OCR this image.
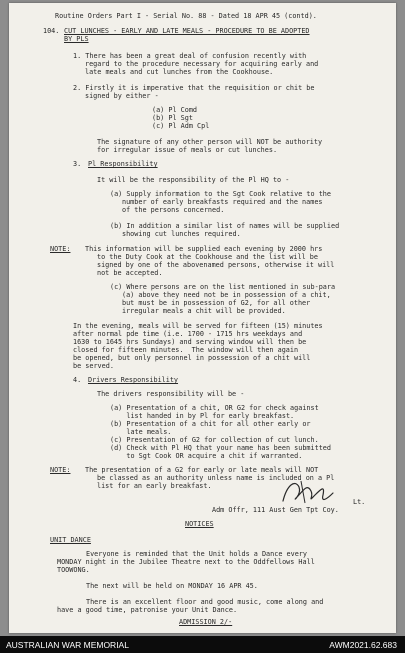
Routine Orders Part I - Serial No. 88 - Dated 18 APR 45 (contd).
104. CUT LUNCHES - EARLY AND LATE MEALS - PROCEDURE TO BE ADOPTED
BY PLS
1. There has been a great deal of confusion recently with
regard to the procedure necessary for acquiring early and
late meals and cut lunches from the Cookhouse.
2. Firstly it is imperative that the requisition or chit be
signed by either -
(a) Pl Comd
(b) Pl Sgt
(c) Pl Adm Cpl
The signature of any other person will NOT be authority
for irregular issue of meals or cut lunches.
3. Pl Responsibility
It will be the responsibility of the Pl HQ to -
(a) Supply information to the Sgt Cook relative to the
number of early breakfasts required and the names
of the persons concerned.
(b) In addition a similar list of names will be supplied
showing cut lunches required.
NOTE: This information will be supplied each evening by 2000 hrs
to the Duty Cook at the Cookhouse and the list will be
signed by one of the abovenamed persons, otherwise it will
not be accepted.
(c) Where persons are on the list mentioned in sub-para
(a) above they need not be in possession of a chit,
but must be in possession of G2, for all other
irregular meals a chit will be provided.
In the evening, meals will be served for fifteen (15) minutes
after normal pde time (i.e. 1700 - 1715 hrs weekdays and
1630 to 1645 hrs Sundays) and serving window will then be
closed for fifteen minutes.  The window will then again
be opened, but only personnel in possession of a chit will
be served.
4. Drivers Responsibility
The drivers responsibility will be -
(a) Presentation of a chit, OR G2 for check against
list handed in by Pl for early breakfast.
(b) Presentation of a chit for all other early or
late meals.
(c) Presentation of G2 for collection of cut lunch.
(d) Check with Pl HQ that your name has been submitted
to Sgt Cook OR acquire a chit if warranted.
NOTE: The presentation of a G2 for early or late meals will NOT
be classed as an authority unless name is included on a Pl
list for an early breakfast.
Lt.
Adm Offr, 111 Aust Gen Tpt Coy.
NOTICES
UNIT DANCE
Everyone is reminded that the Unit holds a Dance every
MONDAY night in the Jubilee Theatre next to the Oddfellows Hall
TOOWONG.
The next will be held on MONDAY 16 APR 45.
There is an excellent floor and good music, come along and
have a good time, patronise your Unit Dance.
ADMISSION 2/-
AUSTRALIAN WAR MEMORIAL	AWM2021.62.683
